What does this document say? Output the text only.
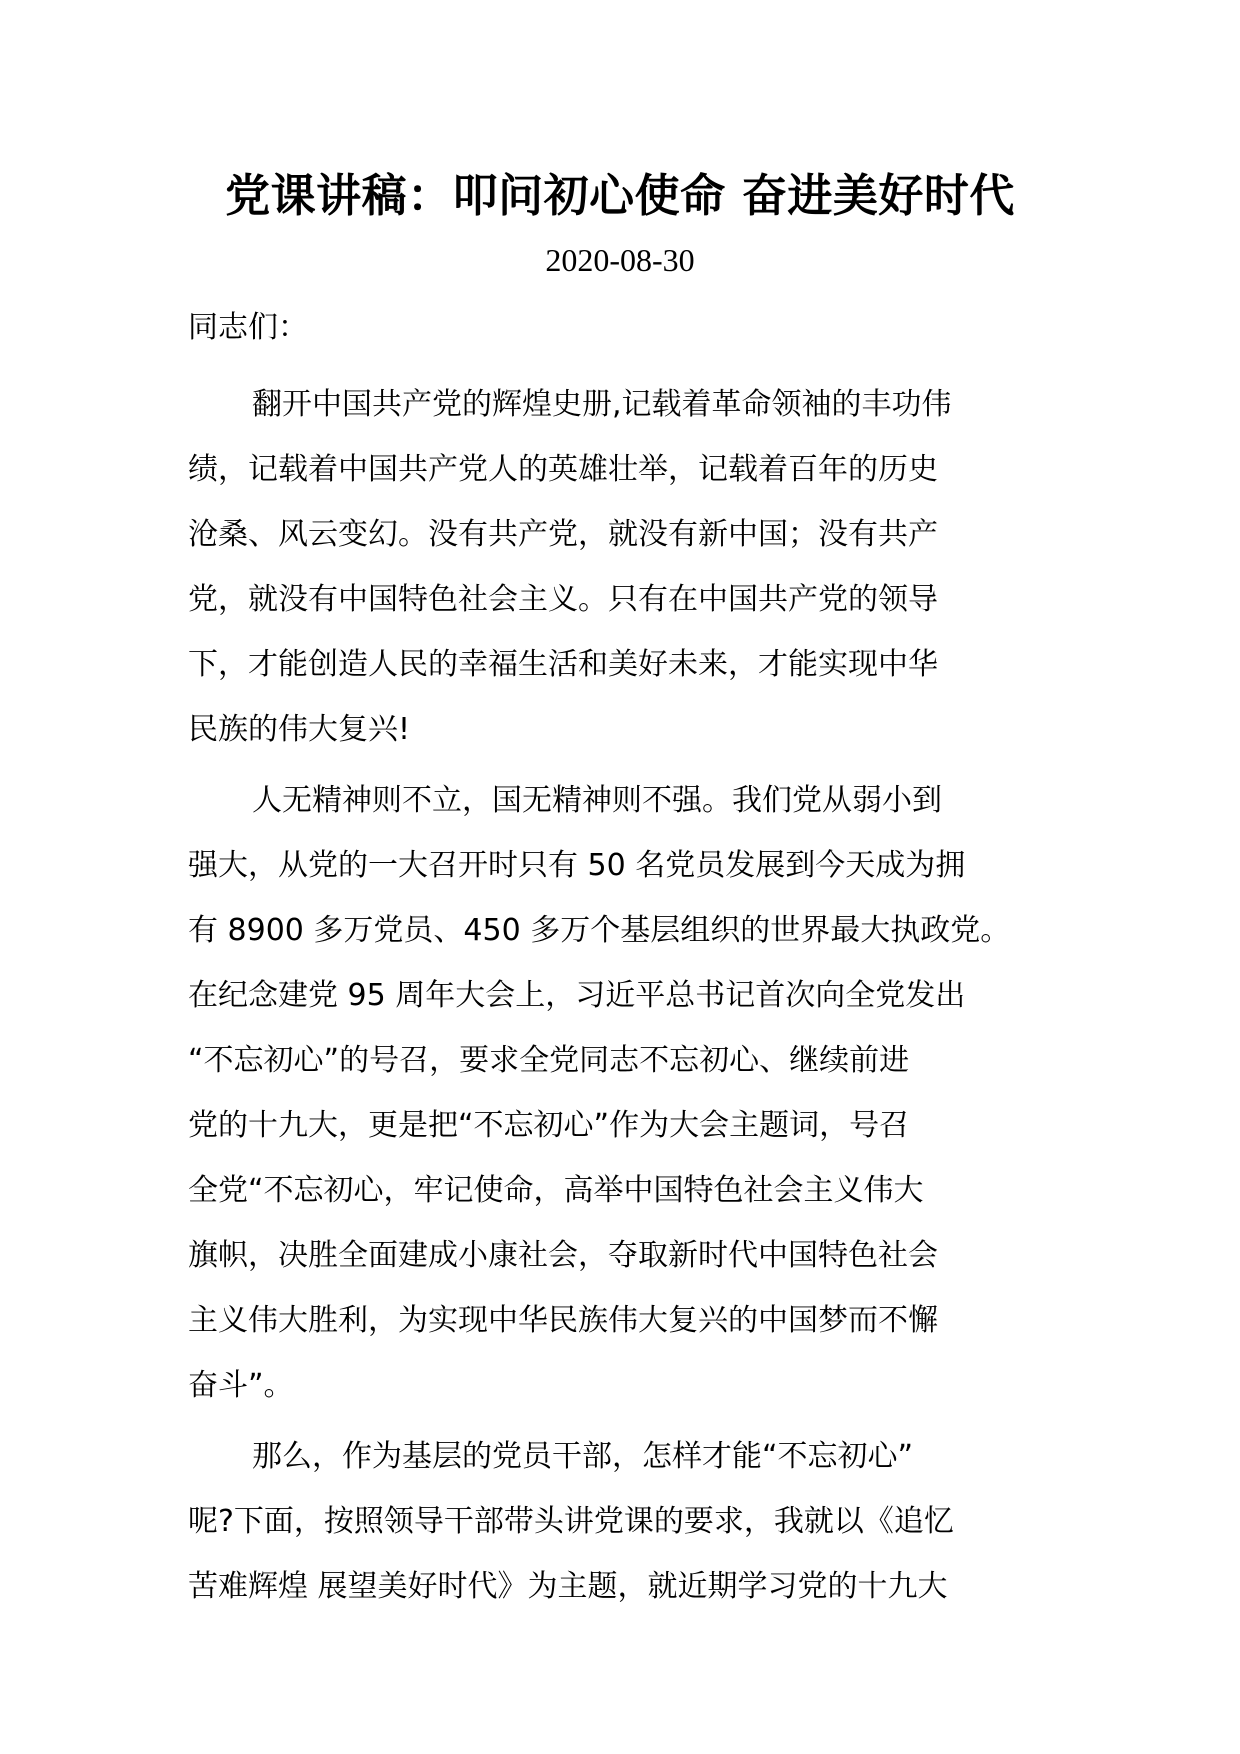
党课讲稿：叩问初心使命 奋进美好时代
2020-08-30

同志们：

翻开中国共产党的辉煌史册,记载着革命领袖的丰功伟
绩，记载着中国共产党人的英雄壮举，记载着百年的历史
沧桑、风云变幻。没有共产党，就没有新中国；没有共产
党，就没有中国特色社会主义。只有在中国共产党的领导
下，才能创造人民的幸福生活和美好未来，才能实现中华
民族的伟大复兴!

人无精神则不立，国无精神则不强。我们党从弱小到
强大，从党的一大召开时只有 50 名党员发展到今天成为拥
有 8900 多万党员、450 多万个基层组织的世界最大执政党。
在纪念建党 95 周年大会上，习近平总书记首次向全党发出
“不忘初心”的号召，要求全党同志不忘初心、继续前进
党的十九大，更是把“不忘初心”作为大会主题词，号召
全党“不忘初心，牢记使命，高举中国特色社会主义伟大
旗帜，决胜全面建成小康社会，夺取新时代中国特色社会
主义伟大胜利，为实现中华民族伟大复兴的中国梦而不懈
奋斗”。

那么，作为基层的党员干部，怎样才能“不忘初心”
呢?下面，按照领导干部带头讲党课的要求，我就以《追忆
苦难辉煌 展望美好时代》为主题，就近期学习党的十九大
